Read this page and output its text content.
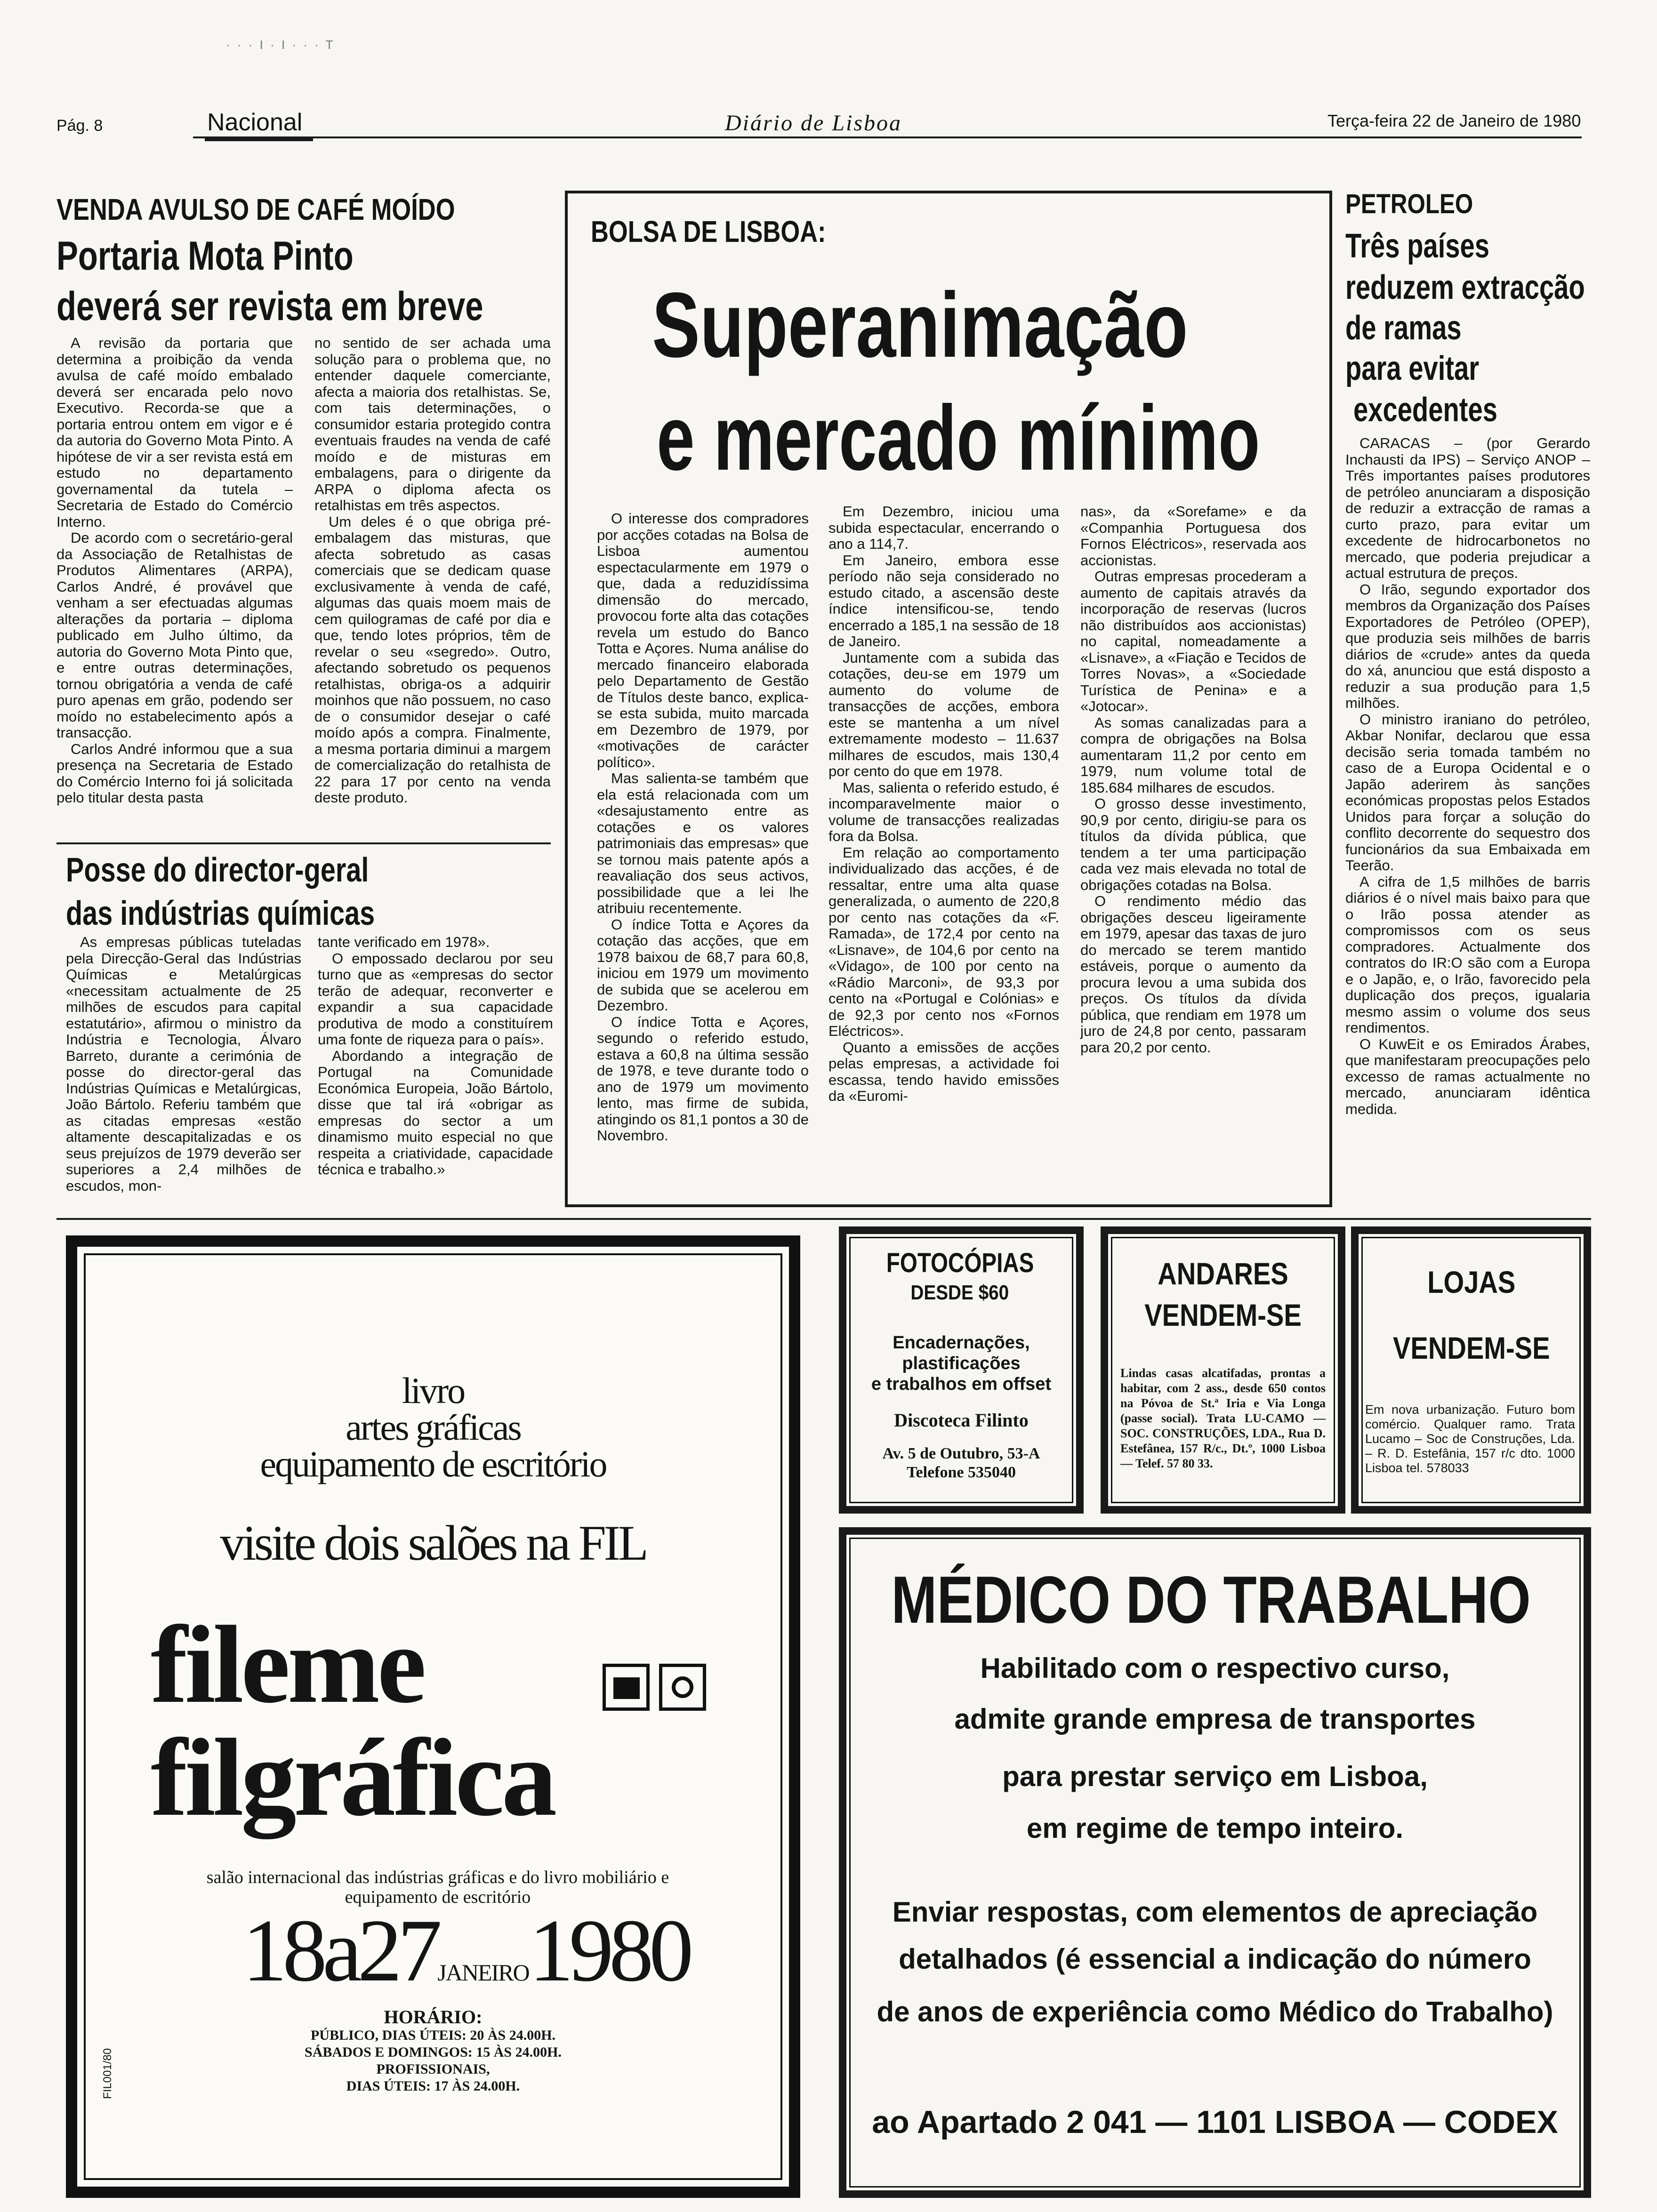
· · · I · I · · · T
Pág. 8	Nacional	Diário de Lisboa	Terça-feira 22 de Janeiro de 1980
VENDA AVULSO DE CAFÉ MOÍDO
Portaria Mota Pinto
deverá ser revista em breve

A revisão da portaria que determina a proibição da venda avulsa de café moído embalado deverá ser encarada pelo novo Executivo. Recorda-se que a portaria entrou ontem em vigor e é da autoria do Governo Mota Pinto. A hipótese de vir a ser revista está em estudo no departamento governamental da tutela – Secretaria de Estado do Comércio Interno.

De acordo com o secretário-geral da Associação de Retalhistas de Produtos Alimentares (ARPA), Carlos André, é provável que venham a ser efectuadas algumas alterações da portaria – diploma publicado em Julho último, da autoria do Governo Mota Pinto que, e entre outras determinações, tornou obrigatória a venda de café puro apenas em grão, podendo ser moído no estabelecimento após a transacção.

Carlos André informou que a sua presença na Secretaria de Estado do Comércio Interno foi já solicitada pelo titular desta pasta

no sentido de ser achada uma solução para o problema que, no entender daquele comerciante, afecta a maioria dos retalhistas. Se, com tais determinações, o consumidor estaria protegido contra eventuais fraudes na venda de café moído e de misturas em embalagens, para o dirigente da ARPA o diploma afecta os retalhistas em três aspectos.

Um deles é o que obriga pré-embalagem das misturas, que afecta sobretudo as casas comerciais que se dedicam quase exclusivamente à venda de café, algumas das quais moem mais de cem quilogramas de café por dia e que, tendo lotes próprios, têm de revelar o seu «segredo». Outro, afectando sobretudo os pequenos retalhistas, obriga-os a adquirir moinhos que não possuem, no caso de o consumidor desejar o café moído após a compra. Finalmente, a mesma portaria diminui a margem de comercialização do retalhista de 22 para 17 por cento na venda deste produto.

Posse do director-geral
das indústrias químicas

As empresas públicas tuteladas pela Direcção-Geral das Indústrias Químicas e Metalúrgicas «necessitam actualmente de 25 milhões de escudos para capital estatutário», afirmou o ministro da Indústria e Tecnologia, Álvaro Barreto, durante a cerimónia de posse do director-geral das Indústrias Químicas e Metalúrgicas, João Bártolo. Referiu também que as citadas empresas «estão altamente descapitalizadas e os seus prejuízos de 1979 deverão ser superiores a 2,4 milhões de escudos, mon-

tante verificado em 1978».

O empossado declarou por seu turno que as «empresas do sector terão de adequar, reconverter e expandir a sua capacidade produtiva de modo a constituírem uma fonte de riqueza para o país».

Abordando a integração de Portugal na Comunidade Económica Europeia, João Bártolo, disse que tal irá «obrigar as empresas do sector a um dinamismo muito especial no que respeita a criatividade, capacidade técnica e trabalho.»

BOLSA DE LISBOA:
Superanimação
e mercado mínimo

O interesse dos compradores por acções cotadas na Bolsa de Lisboa aumentou espectacularmente em 1979 o que, dada a reduzidíssima dimensão do mercado, provocou forte alta das cotações revela um estudo do Banco Totta e Açores. Numa análise do mercado financeiro elaborada pelo Departamento de Gestão de Títulos deste banco, explica-se esta subida, muito marcada em Dezembro de 1979, por «motivações de carácter político».

Mas salienta-se também que ela está relacionada com um «desajustamento entre as cotações e os valores patrimoniais das empresas» que se tornou mais patente após a reavaliação dos seus activos, possibilidade que a lei lhe atribuiu recentemente.

O índice Totta e Açores da cotação das acções, que em 1978 baixou de 68,7 para 60,8, iniciou em 1979 um movimento de subida que se acelerou em Dezembro.

O índice Totta e Açores, segundo o referido estudo, estava a 60,8 na última sessão de 1978, e teve durante todo o ano de 1979 um movimento lento, mas firme de subida, atingindo os 81,1 pontos a 30 de Novembro.

Em Dezembro, iniciou uma subida espectacular, encerrando o ano a 114,7.

Em Janeiro, embora esse período não seja considerado no estudo citado, a ascensão deste índice intensificou-se, tendo encerrado a 185,1 na sessão de 18 de Janeiro.

Juntamente com a subida das cotações, deu-se em 1979 um aumento do volume de transacções de acções, embora este se mantenha a um nível extremamente modesto – 11.637 milhares de escudos, mais 130,4 por cento do que em 1978.

Mas, salienta o referido estudo, é incomparavelmente maior o volume de transacções realizadas fora da Bolsa.

Em relação ao comportamento individualizado das acções, é de ressaltar, entre uma alta quase generalizada, o aumento de 220,8 por cento nas cotações da «F. Ramada», de 172,4 por cento na «Lisnave», de 104,6 por cento na «Vidago», de 100 por cento na «Rádio Marconi», de 93,3 por cento na «Portugal e Colónias» e de 92,3 por cento nos «Fornos Eléctricos».

Quanto a emissões de acções pelas empresas, a actividade foi escassa, tendo havido emissões da «Euromi-

nas», da «Sorefame» e da «Companhia Portuguesa dos Fornos Eléctricos», reservada aos accionistas.

Outras empresas procederam a aumento de capitais através da incorporação de reservas (lucros não distribuídos aos accionistas) no capital, nomeadamente a «Lisnave», a «Fiação e Tecidos de Torres Novas», a «Sociedade Turística de Penina» e a «Jotocar».

As somas canalizadas para a compra de obrigações na Bolsa aumentaram 11,2 por cento em 1979, num volume total de 185.684 milhares de escudos.

O grosso desse investimento, 90,9 por cento, dirigiu-se para os títulos da dívida pública, que tendem a ter uma participação cada vez mais elevada no total de obrigações cotadas na Bolsa.

O rendimento médio das obrigações desceu ligeiramente em 1979, apesar das taxas de juro do mercado se terem mantido estáveis, porque o aumento da procura levou a uma subida dos preços. Os títulos da dívida pública, que rendiam em 1978 um juro de 24,8 por cento, passaram para 20,2 por cento.

PETROLEO
Três países
reduzem extracção
de ramas
para evitar
excedentes

CARACAS – (por Gerardo Inchausti da IPS) – Serviço ANOP – Três importantes países produtores de petróleo anunciaram a disposição de reduzir a extracção de ramas a curto prazo, para evitar um excedente de hidrocarbonetos no mercado, que poderia prejudicar a actual estrutura de preços.

O Irão, segundo exportador dos membros da Organização dos Países Exportadores de Petróleo (OPEP), que produzia seis milhões de barris diários de «crude» antes da queda do xá, anunciou que está disposto a reduzir a sua produção para 1,5 milhões.

O ministro iraniano do petróleo, Akbar Nonifar, declarou que essa decisão seria tomada também no caso de a Europa Ocidental e o Japão aderirem às sanções económicas propostas pelos Estados Unidos para forçar a solução do conflito decorrente do sequestro dos funcionários da sua Embaixada em Teerão.

A cifra de 1,5 milhões de barris diários é o nível mais baixo para que o Irão possa atender as compromissos com os seus compradores. Actualmente dos contratos do IR:O são com a Europa e o Japão, e, o Irão, favorecido pela duplicação dos preços, igualaria mesmo assim o volume dos seus rendimentos.

O KuwEit e os Emirados Árabes, que manifestaram preocupações pelo excesso de ramas actualmente no mercado, anunciaram idêntica medida.

livro
artes gráficas
equipamento de escritório
visite dois salões na FIL
fileme
filgráfica
salão internacional das indústrias gráficas e do livro mobiliário e equipamento de escritório
18a27JANEIRO1980
HORÁRIO:
PÚBLICO, DIAS ÚTEIS: 20 ÀS 24.00H.
SÁBADOS E DOMINGOS: 15 ÀS 24.00H.
PROFISSIONAIS,
DIAS ÚTEIS: 17 ÀS 24.00H.
FIL001/80
FOTOCÓPIAS
DESDE $60
Encadernações,
plastificações
e trabalhos em offset
Discoteca Filinto
Av. 5 de Outubro, 53-A
Telefone 535040
ANDARES
VENDEM-SE
Lindas casas alcatifadas, prontas a habitar, com 2 ass., desde 650 contos na Póvoa de St.ª Iria e Via Longa (passe social). Trata LU-CAMO — SOC. CONSTRUÇÕES, LDA., Rua D. Estefânea, 157 R/c., Dt.º, 1000 Lisboa — Telef. 57 80 33.
LOJAS
VENDEM-SE
Em nova urbanização. Futuro bom comércio. Qualquer ramo. Trata Lucamo – Soc de Construções, Lda. – R. D. Estefânia, 157 r/c dto. 1000 Lisboa tel. 578033
MÉDICO DO TRABALHO
Habilitado com o respectivo curso,
admite grande empresa de transportes
para prestar serviço em Lisboa,
em regime de tempo inteiro.
Enviar respostas, com elementos de apreciação
detalhados (é essencial a indicação do número
de anos de experiência como Médico do Trabalho)
ao Apartado 2 041 — 1101 LISBOA — CODEX
